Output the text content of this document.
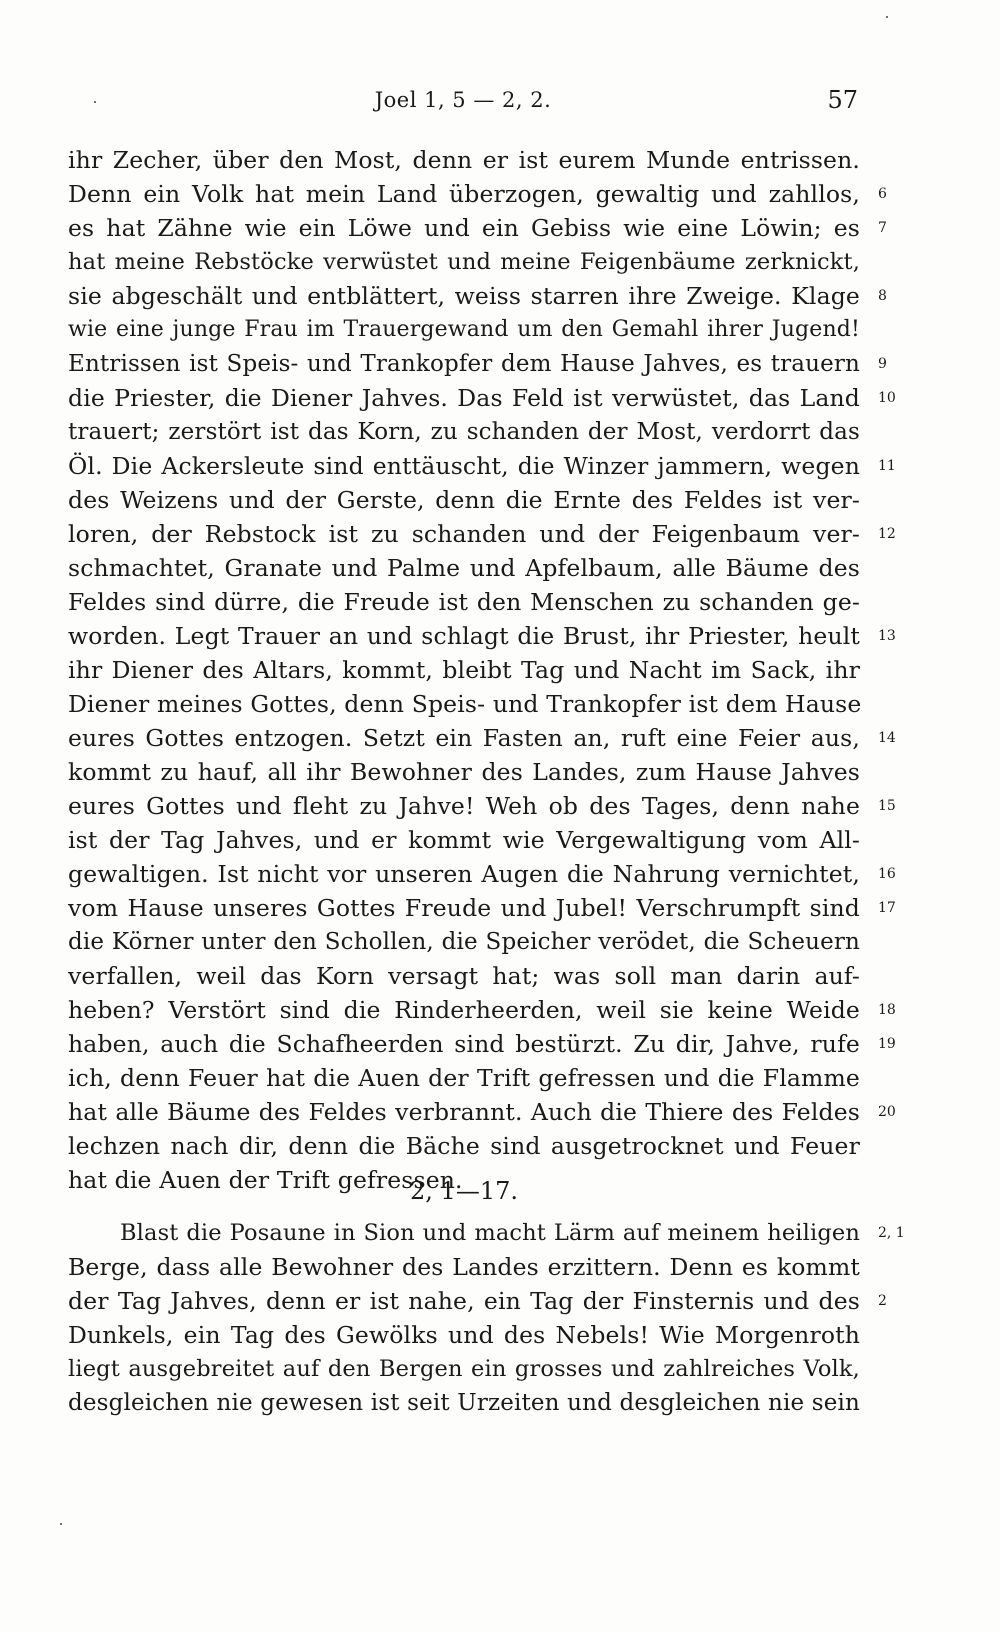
Joel 1, 5 — 2, 2.	57
ihr Zecher, über den Most, denn er ist eurem Munde entrissen.
Denn ein Volk hat mein Land überzogen, gewaltig und zahllos,
es hat Zähne wie ein Löwe und ein Gebiss wie eine Löwin; es
hat meine Rebstöcke verwüstet und meine Feigenbäume zerknickt,
sie abgeschält und entblättert, weiss starren ihre Zweige. Klage
wie eine junge Frau im Trauergewand um den Gemahl ihrer Jugend!
Entrissen ist Speis- und Trankopfer dem Hause Jahves, es trauern
die Priester, die Diener Jahves. Das Feld ist verwüstet, das Land
trauert; zerstört ist das Korn, zu schanden der Most, verdorrt das
Öl. Die Ackersleute sind enttäuscht, die Winzer jammern, wegen
des Weizens und der Gerste, denn die Ernte des Feldes ist ver-
loren, der Rebstock ist zu schanden und der Feigenbaum ver-
schmachtet, Granate und Palme und Apfelbaum, alle Bäume des
Feldes sind dürre, die Freude ist den Menschen zu schanden ge-
worden. Legt Trauer an und schlagt die Brust, ihr Priester, heult
ihr Diener des Altars, kommt, bleibt Tag und Nacht im Sack, ihr
Diener meines Gottes, denn Speis- und Trankopfer ist dem Hause
eures Gottes entzogen. Setzt ein Fasten an, ruft eine Feier aus,
kommt zu hauf, all ihr Bewohner des Landes, zum Hause Jahves
eures Gottes und fleht zu Jahve! Weh ob des Tages, denn nahe
ist der Tag Jahves, und er kommt wie Vergewaltigung vom All-
gewaltigen. Ist nicht vor unseren Augen die Nahrung vernichtet,
vom Hause unseres Gottes Freude und Jubel! Verschrumpft sind
die Körner unter den Schollen, die Speicher verödet, die Scheuern
verfallen, weil das Korn versagt hat; was soll man darin auf-
heben? Verstört sind die Rinderheerden, weil sie keine Weide
haben, auch die Schafheerden sind bestürzt. Zu dir, Jahve, rufe
ich, denn Feuer hat die Auen der Trift gefressen und die Flamme
hat alle Bäume des Feldes verbrannt. Auch die Thiere des Feldes
lechzen nach dir, denn die Bäche sind ausgetrocknet und Feuer
hat die Auen der Trift gefressen.
6
7
8
9
10
11
12
13
14
15
16
17
18
19
20
2, 1—17.
Blast die Posaune in Sion und macht Lärm auf meinem heiligen
Berge, dass alle Bewohner des Landes erzittern. Denn es kommt
der Tag Jahves, denn er ist nahe, ein Tag der Finsternis und des
Dunkels, ein Tag des Gewölks und des Nebels! Wie Morgenroth
liegt ausgebreitet auf den Bergen ein grosses und zahlreiches Volk,
desgleichen nie gewesen ist seit Urzeiten und desgleichen nie sein
2, 1
2
